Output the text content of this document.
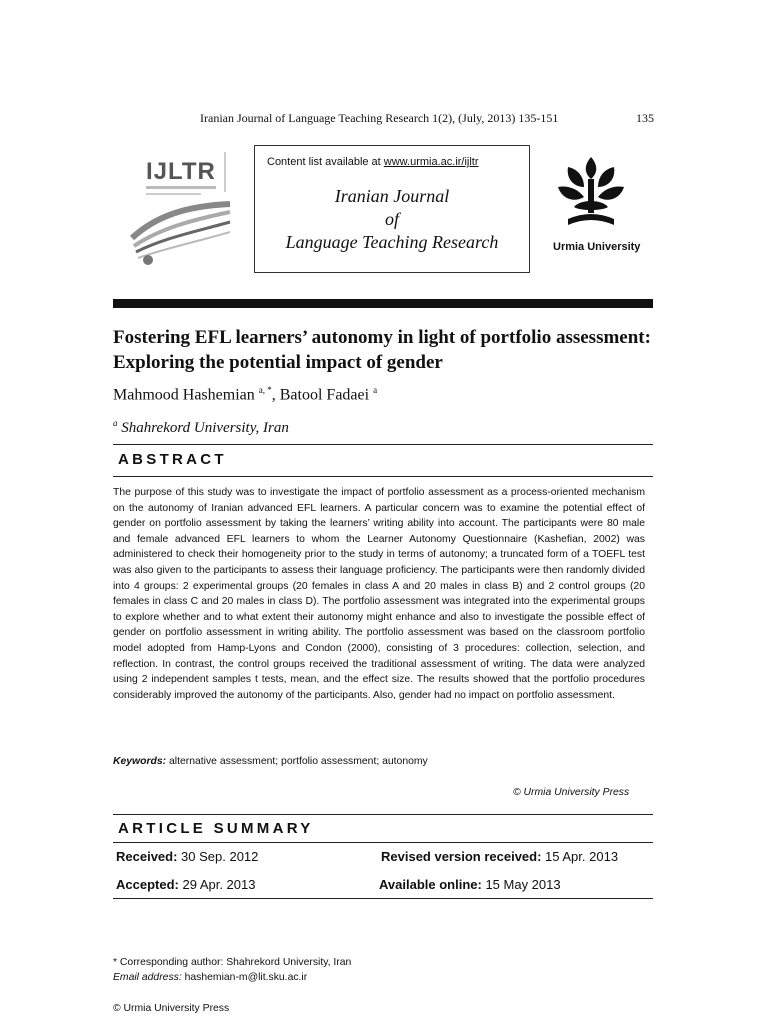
Iranian Journal of Language Teaching Research 1(2), (July, 2013) 135-151	135
IJLTR	Content list available at www.urmia.ac.ir/ijltr
Iranian Journal
of
Language Teaching Research	Urmia University
Fostering EFL learners’ autonomy in light of portfolio assessment: Exploring the potential impact of gender
Mahmood Hashemian $^{a, *}$, Batool Fadaei $^a$
$^a$ Shahrekord University, Iran
ABSTRACT
The purpose of this study was to investigate the impact of portfolio assessment as a process-oriented mechanism on the autonomy of Iranian advanced EFL learners. A particular concern was to examine the potential effect of gender on portfolio assessment by taking the learners’ writing ability into account. The participants were 80 male and female advanced EFL learners to whom the Learner Autonomy Questionnaire (Kashefian, 2002) was administered to check their homogeneity prior to the study in terms of autonomy; a truncated form of a TOEFL test was also given to the participants to assess their language proficiency. The participants were then randomly divided into 4 groups: 2 experimental groups (20 females in class A and 20 males in class B) and 2 control groups (20 females in class C and 20 males in class D). The portfolio assessment was integrated into the experimental groups to explore whether and to what extent their autonomy might enhance and also to investigate the possible effect of gender on portfolio assessment in writing ability. The portfolio assessment was based on the classroom portfolio model adopted from Hamp-Lyons and Condon (2000), consisting of 3 procedures: collection, selection, and reflection. In contrast, the control groups received the traditional assessment of writing. The data were analyzed using 2 independent samples t tests, mean, and the effect size. The results showed that the portfolio procedures considerably improved the autonomy of the participants. Also, gender had no impact on portfolio assessment.
Keywords: alternative assessment; portfolio assessment; autonomy
© Urmia University Press
ARTICLE SUMMARY
Received: 30 Sep. 2012	Revised version received: 15 Apr. 2013
Accepted: 29 Apr. 2013	Available online: 15 May 2013
* Corresponding author: Shahrekord University, Iran
Email address: hashemian-m@lit.sku.ac.ir
© Urmia University Press
